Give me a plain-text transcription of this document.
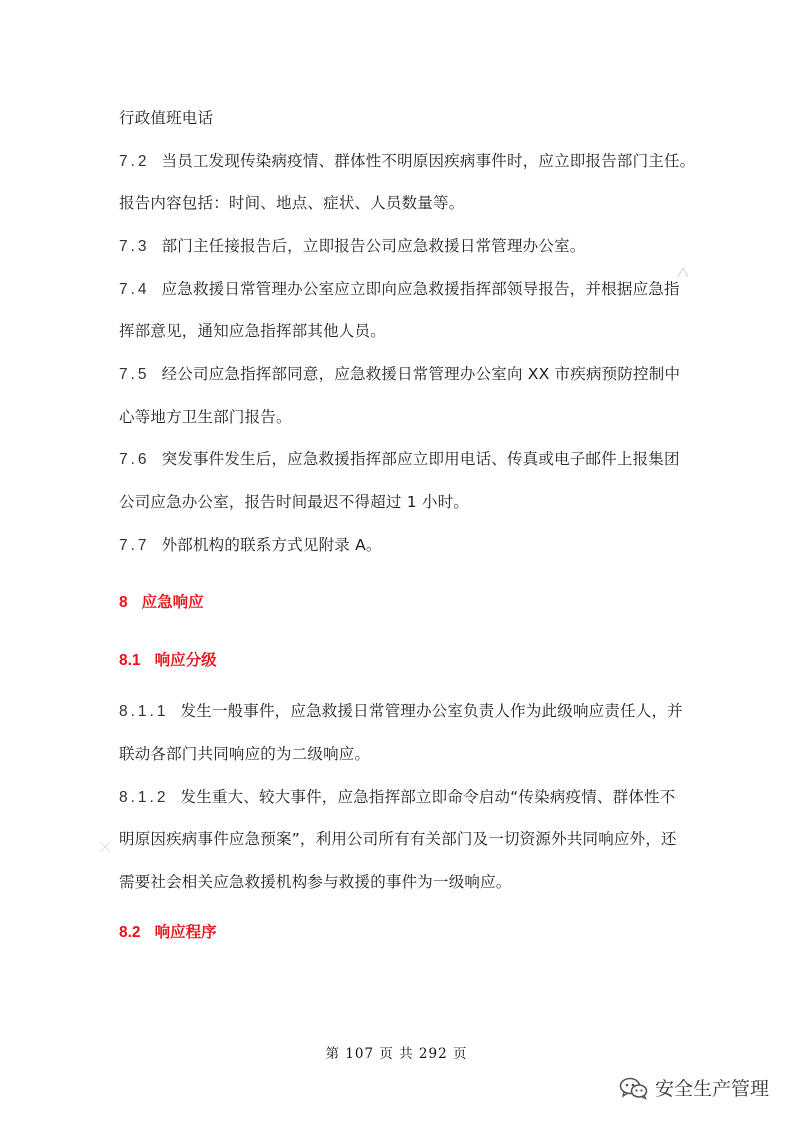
行政值班电话
7.2 当员工发现传染病疫情、群体性不明原因疾病事件时，应立即报告部门主任。
报告内容包括：时间、地点、症状、人员数量等。
7.3 部门主任接报告后，立即报告公司应急救援日常管理办公室。
7.4 应急救援日常管理办公室应立即向应急救援指挥部领导报告，并根据应急指
挥部意见，通知应急指挥部其他人员。
7.5 经公司应急指挥部同意，应急救援日常管理办公室向 XX 市疾病预防控制中
心等地方卫生部门报告。
7.6 突发事件发生后，应急救援指挥部应立即用电话、传真或电子邮件上报集团
公司应急办公室，报告时间最迟不得超过 1 小时。
7.7 外部机构的联系方式见附录 A。
8 应急响应
8.1 响应分级
8.1.1 发生一般事件，应急救援日常管理办公室负责人作为此级响应责任人，并
联动各部门共同响应的为二级响应。
8.1.2 发生重大、较大事件，应急指挥部立即命令启动“传染病疫情、群体性不
明原因疾病事件应急预案”，利用公司所有有关部门及一切资源外共同响应外，还
需要社会相关应急救援机构参与救援的事件为一级响应。
8.2 响应程序
第 107 页 共 292 页
安全生产管理
